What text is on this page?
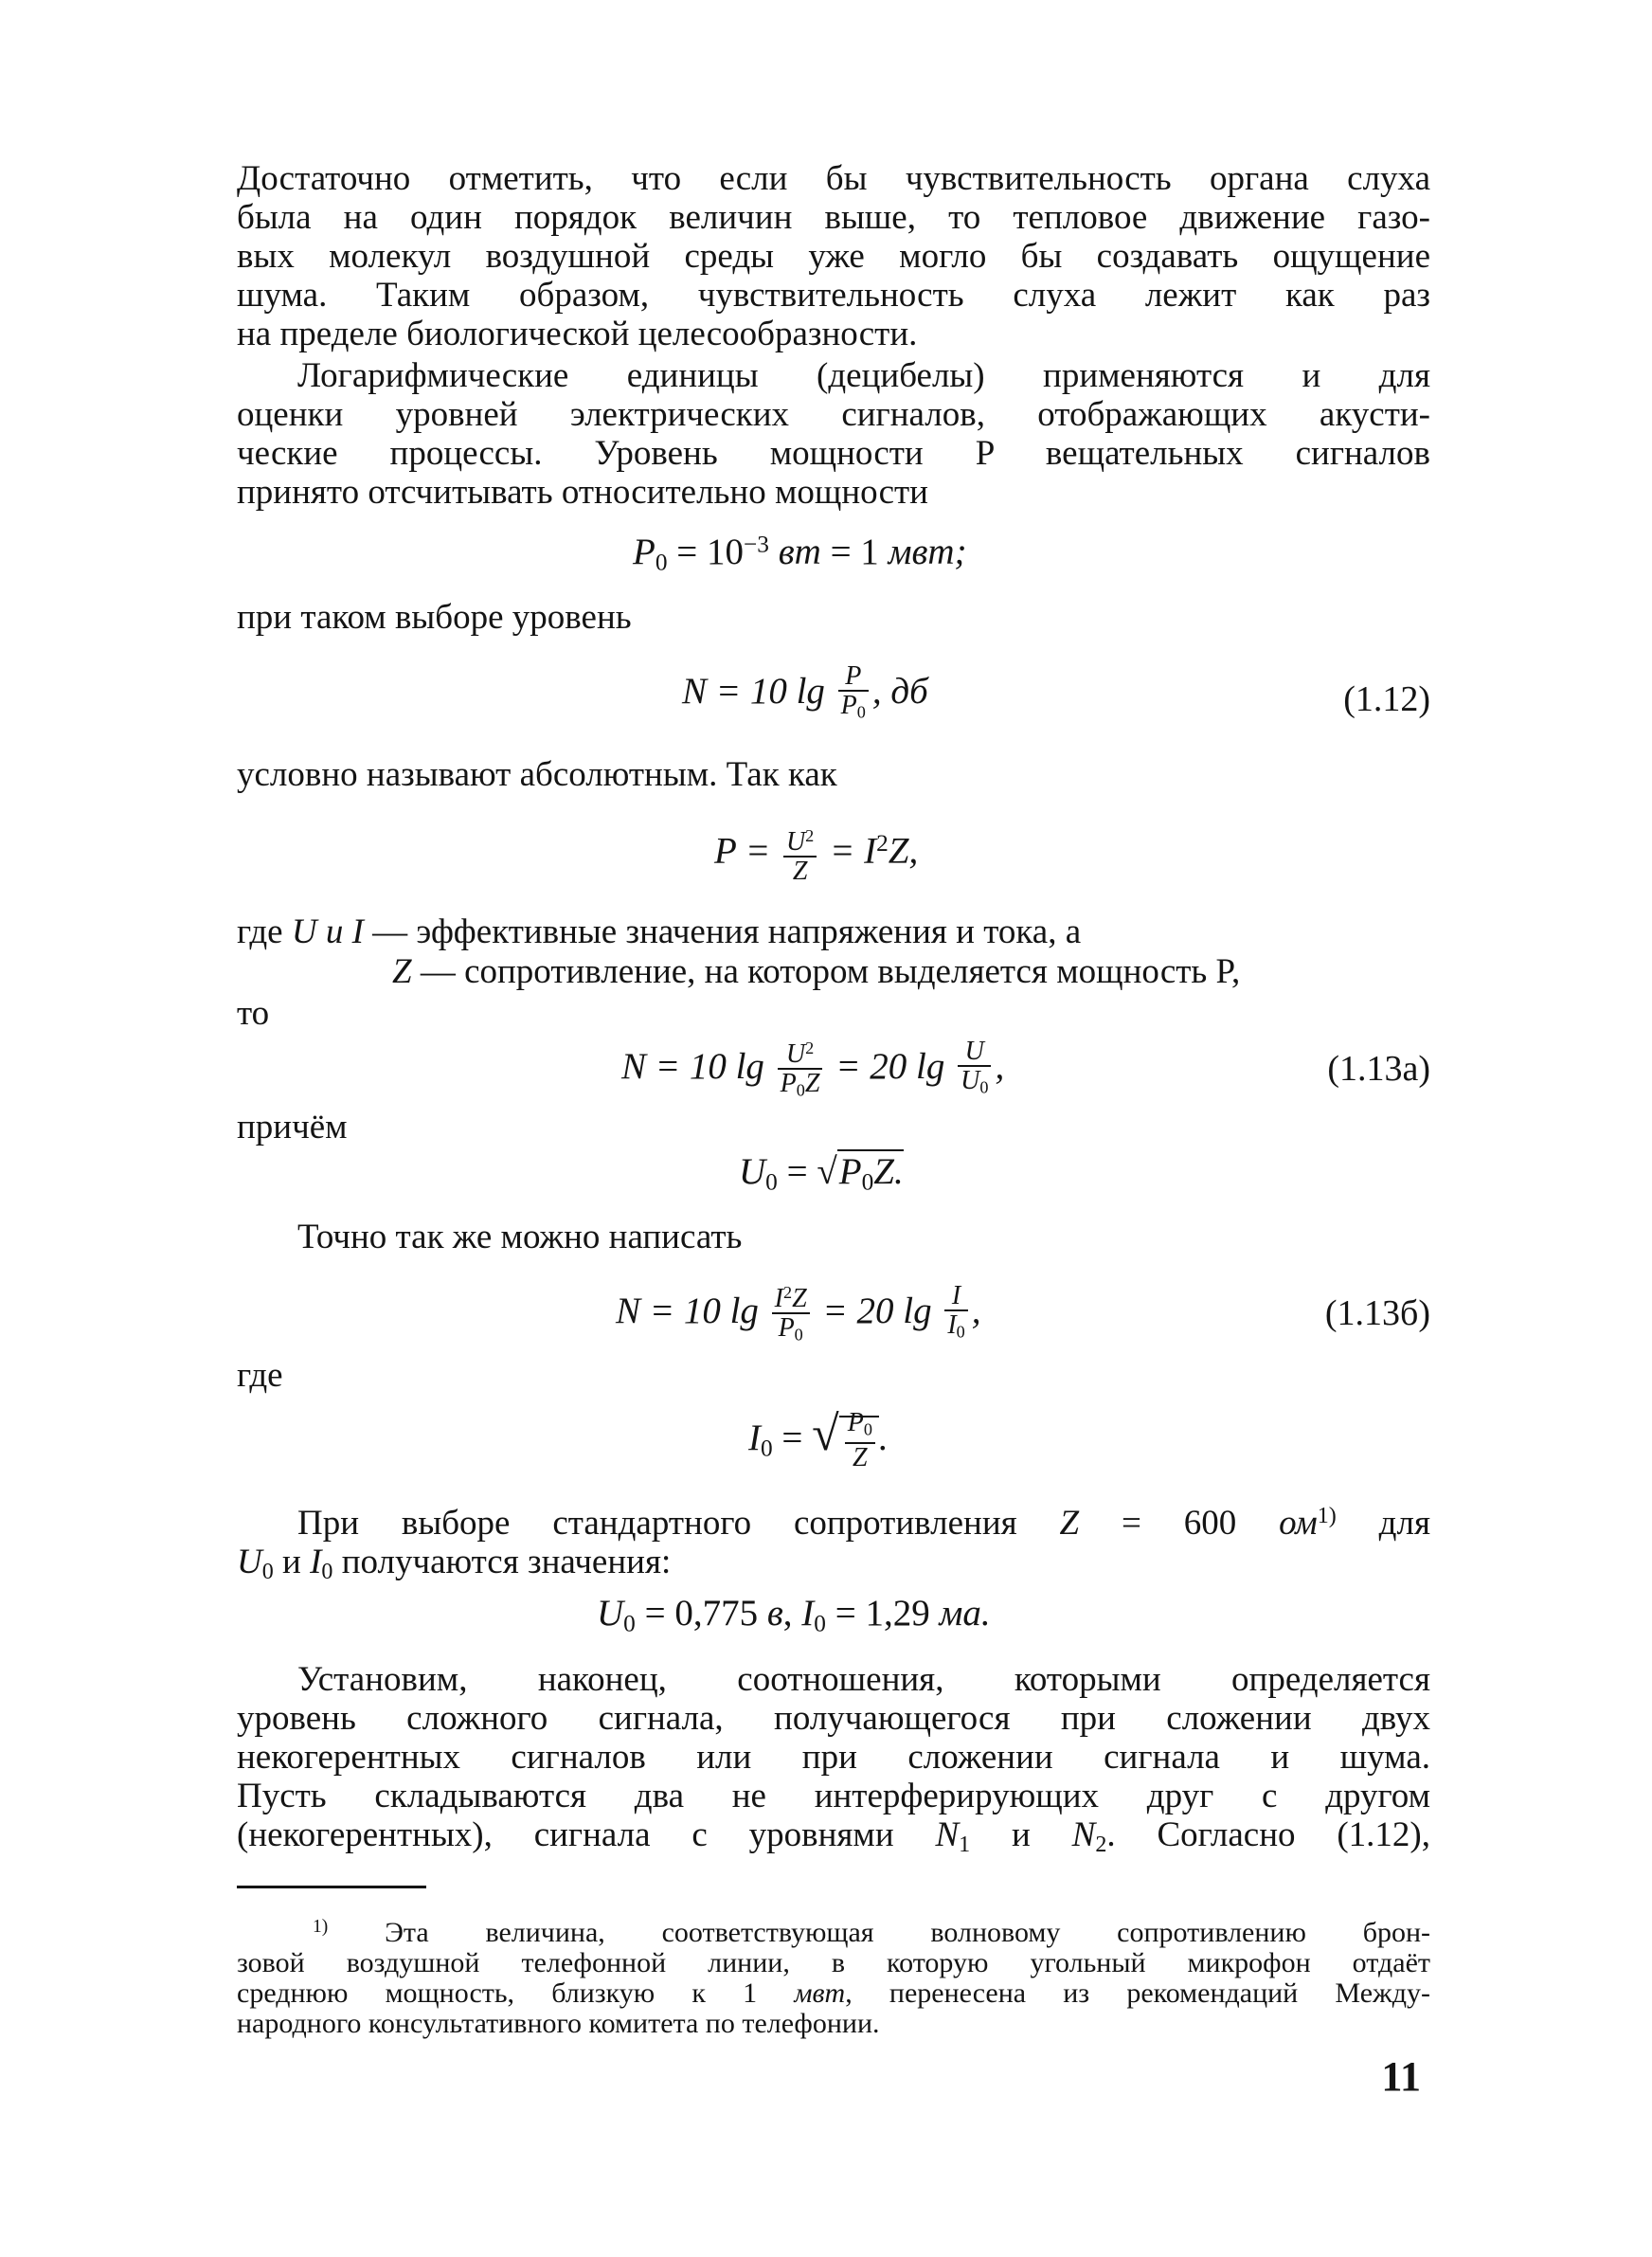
Достаточно отметить, что если бы чувствительность органа слуха
была на один порядок величин выше, то тепловое движение газо-
вых молекул воздушной среды уже могло бы создавать ощущение
шума. Таким образом, чувствительность слуха лежит как раз
на пределе биологической целесообразности.
Логарифмические единицы (децибелы) применяются и для
оценки уровней электрических сигналов, отображающих акусти-
ческие процессы. Уровень мощности P вещательных сигналов
принято отсчитывать относительно мощности
$P_0 = 10^{-3}$ вт = 1 мвт;
при таком выборе уровень
N = 10 $\lg \frac{P}{P_0}$ , дб	(1.12)
условно называют абсолютным. Так как
$P = \frac{U^2}{Z} = I^2Z$,
где U и I — эффективные значения напряжения и тока, а
Z — сопротивление, на котором выделяется мощность P,
то
N = 10 $\lg \frac{U^2}{P_0Z} = 20$ $\lg \frac{U}{U_0}$ ,	(1.13а)
причём
$U_0 = √P_0Z$.
Точно так же можно написать
N = 10 $\lg \frac{I^2Z}{P_0} = 20$ $\lg \frac{I}{I_0}$ ,	(1.13б)
где
$I_0$ = √ $\frac{P_0}{Z}$ .
При выборе стандартного сопротивления Z = 600 $ом^{1)}$ для
$U_0$ и $I_0$ получаются значения:
$U_0 = 0,775$ в, $I_0 = 1,29$ ма.
Установим, наконец, соотношения, которыми определяется
уровень сложного сигнала, получающегося при сложении двух
некогерентных сигналов или при сложении сигнала и шума.
Пусть складываются два не интерферирующих друг с другом
(некогерентных), сигнала с уровнями $N_1$ и $N_2$. Согласно (1.12),
$^{1)}$ Эта величина, соответствующая волновому сопротивлению брон-
зовой воздушной телефонной линии, в которую угольный микрофон отдаёт
среднюю мощность, близкую к 1 мвт, перенесена из рекомендаций Между-
народного консультативного комитета по телефонии.
11
